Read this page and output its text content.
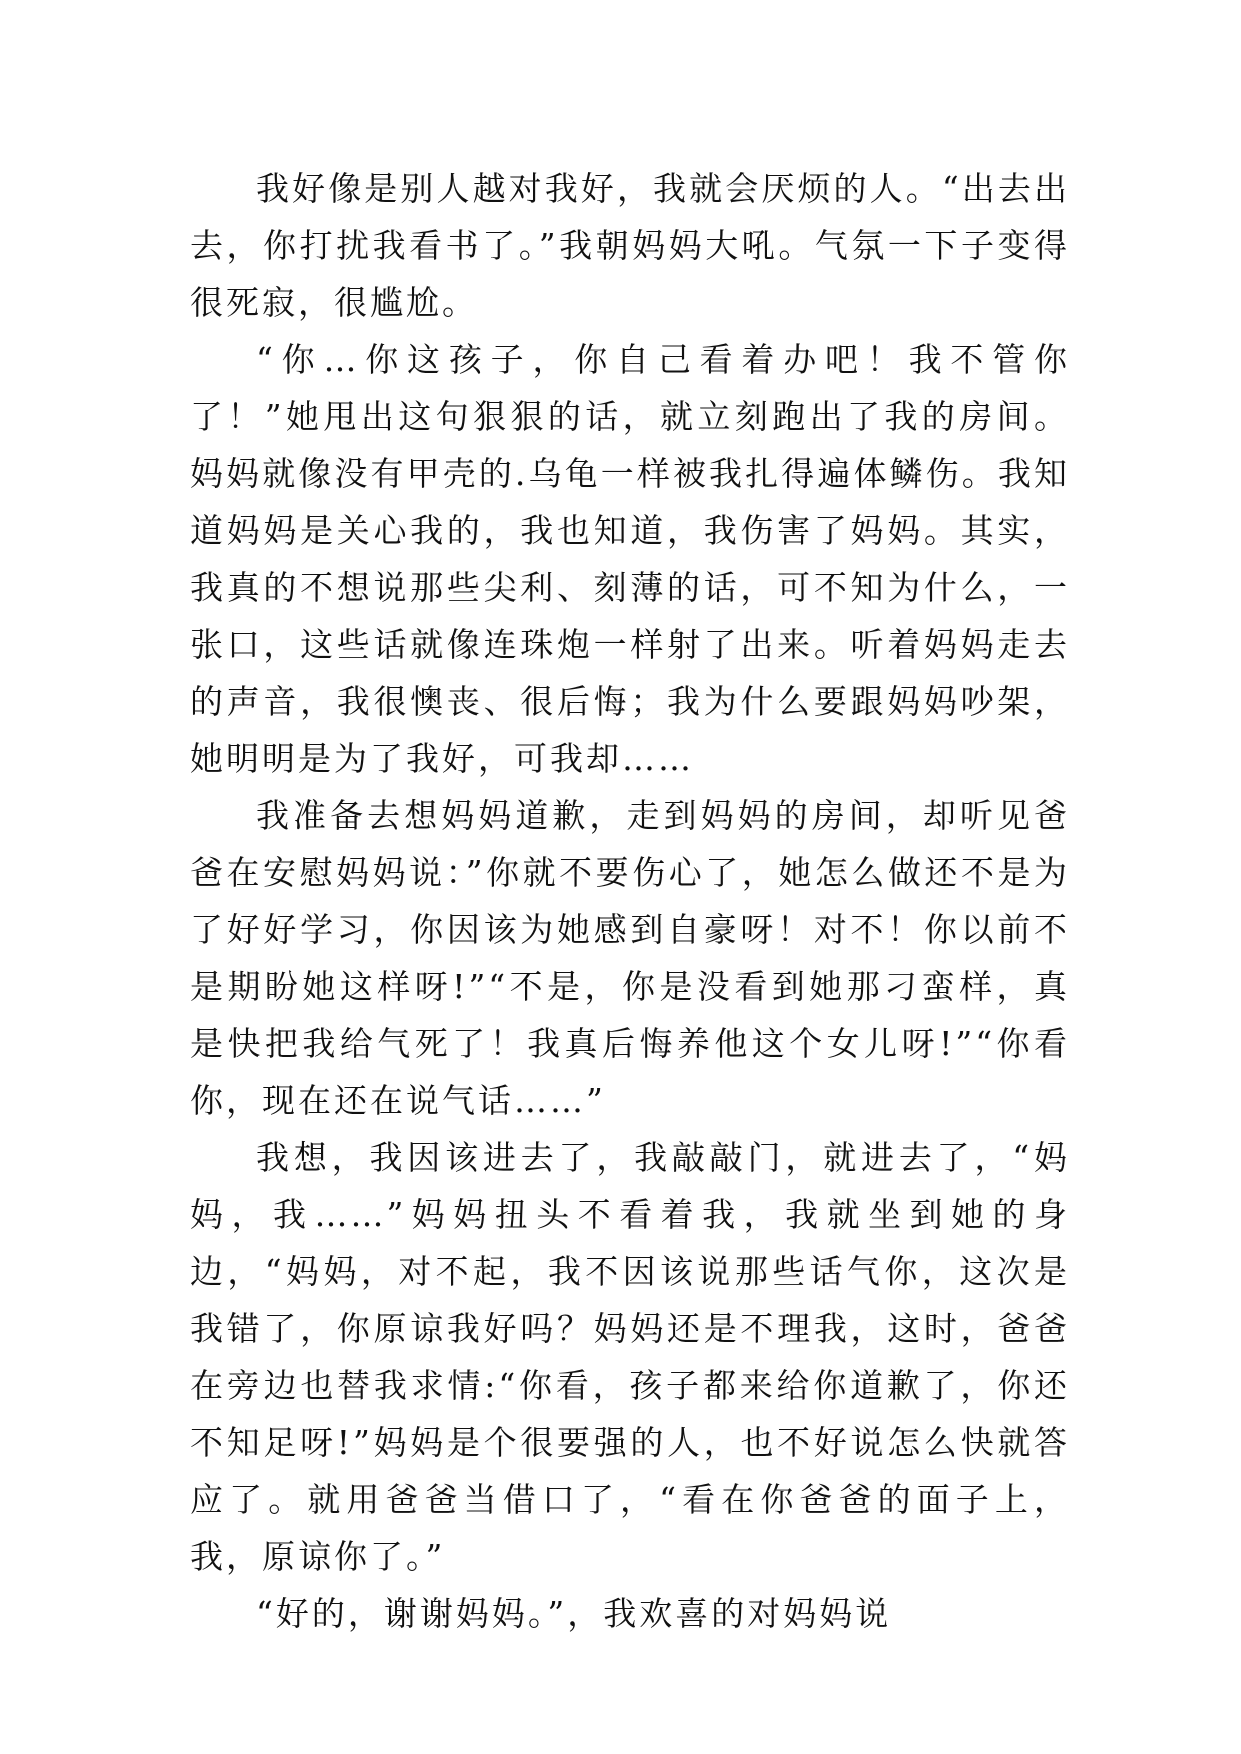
我好像是别人越对我好，我就会厌烦的人。“出去出去，你打扰我看书了。”我朝妈妈大吼。气氛一下子变得很死寂，很尴尬。

“你…你这孩子，你自己看着办吧！我不管你了！”她甩出这句狠狠的话，就立刻跑出了我的房间。妈妈就像没有甲壳的.乌龟一样被我扎得遍体鳞伤。我知道妈妈是关心我的，我也知道，我伤害了妈妈。其实，我真的不想说那些尖利、刻薄的话，可不知为什么，一张口，这些话就像连珠炮一样射了出来。听着妈妈走去的声音，我很懊丧、很后悔；我为什么要跟妈妈吵架，她明明是为了我好，可我却……

我准备去想妈妈道歉，走到妈妈的房间，却听见爸爸在安慰妈妈说：”你就不要伤心了，她怎么做还不是为了好好学习，你因该为她感到自豪呀！对不！你以前不是期盼她这样呀!”“不是，你是没看到她那刁蛮样，真是快把我给气死了！我真后悔养他这个女儿呀!”“你看你，现在还在说气话……”

我想，我因该进去了，我敲敲门，就进去了，“妈妈，我……”妈妈扭头不看着我，我就坐到她的身边，“妈妈，对不起，我不因该说那些话气你，这次是我错了，你原谅我好吗？妈妈还是不理我，这时，爸爸在旁边也替我求情:“你看，孩子都来给你道歉了，你还不知足呀!”妈妈是个很要强的人，也不好说怎么快就答应了。就用爸爸当借口了，“看在你爸爸的面子上，我，原谅你了。”

“好的，谢谢妈妈。”，我欢喜的对妈妈说
